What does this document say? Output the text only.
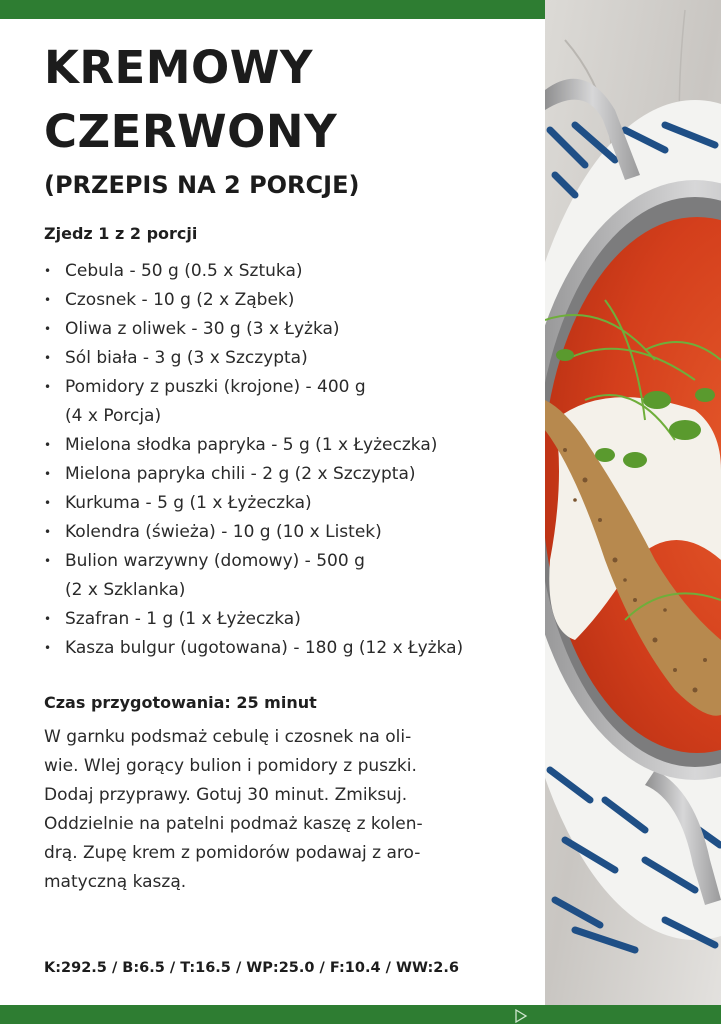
KREMOWY
CZERWONY
(PRZEPIS NA 2 PORCJE)
Zjedz 1 z 2 porcji
• Cebula - 50 g (0.5 x Sztuka)
• Czosnek - 10 g (2 x Ząbek)
• Oliwa z oliwek - 30 g (3 x Łyżka)
• Sól biała - 3 g (3 x Szczypta)
• Pomidory z puszki (krojone) - 400 g
(4 x Porcja)
• Mielona słodka papryka - 5 g (1 x Łyżeczka)
• Mielona papryka chili - 2 g (2 x Szczypta)
• Kurkuma - 5 g (1 x Łyżeczka)
• Kolendra (świeża) - 10 g (10 x Listek)
• Bulion warzywny (domowy) - 500 g
(2 x Szklanka)
• Szafran - 1 g (1 x Łyżeczka)
• Kasza bulgur (ugotowana) - 180 g (12 x Łyżka)
Czas przygotowania: 25 minut
W garnku podsmaż cebulę i czosnek na oli-
wie. Wlej gorący bulion i pomidory z puszki.
Dodaj przyprawy. Gotuj 30 minut. Zmiksuj.
Oddzielnie na patelni podmaż kaszę z kolen-
drą. Zupę krem z pomidorów podawaj z aro-
matyczną kaszą.
K:292.5 / B:6.5 / T:16.5 / WP:25.0 / F:10.4 / WW:2.6
